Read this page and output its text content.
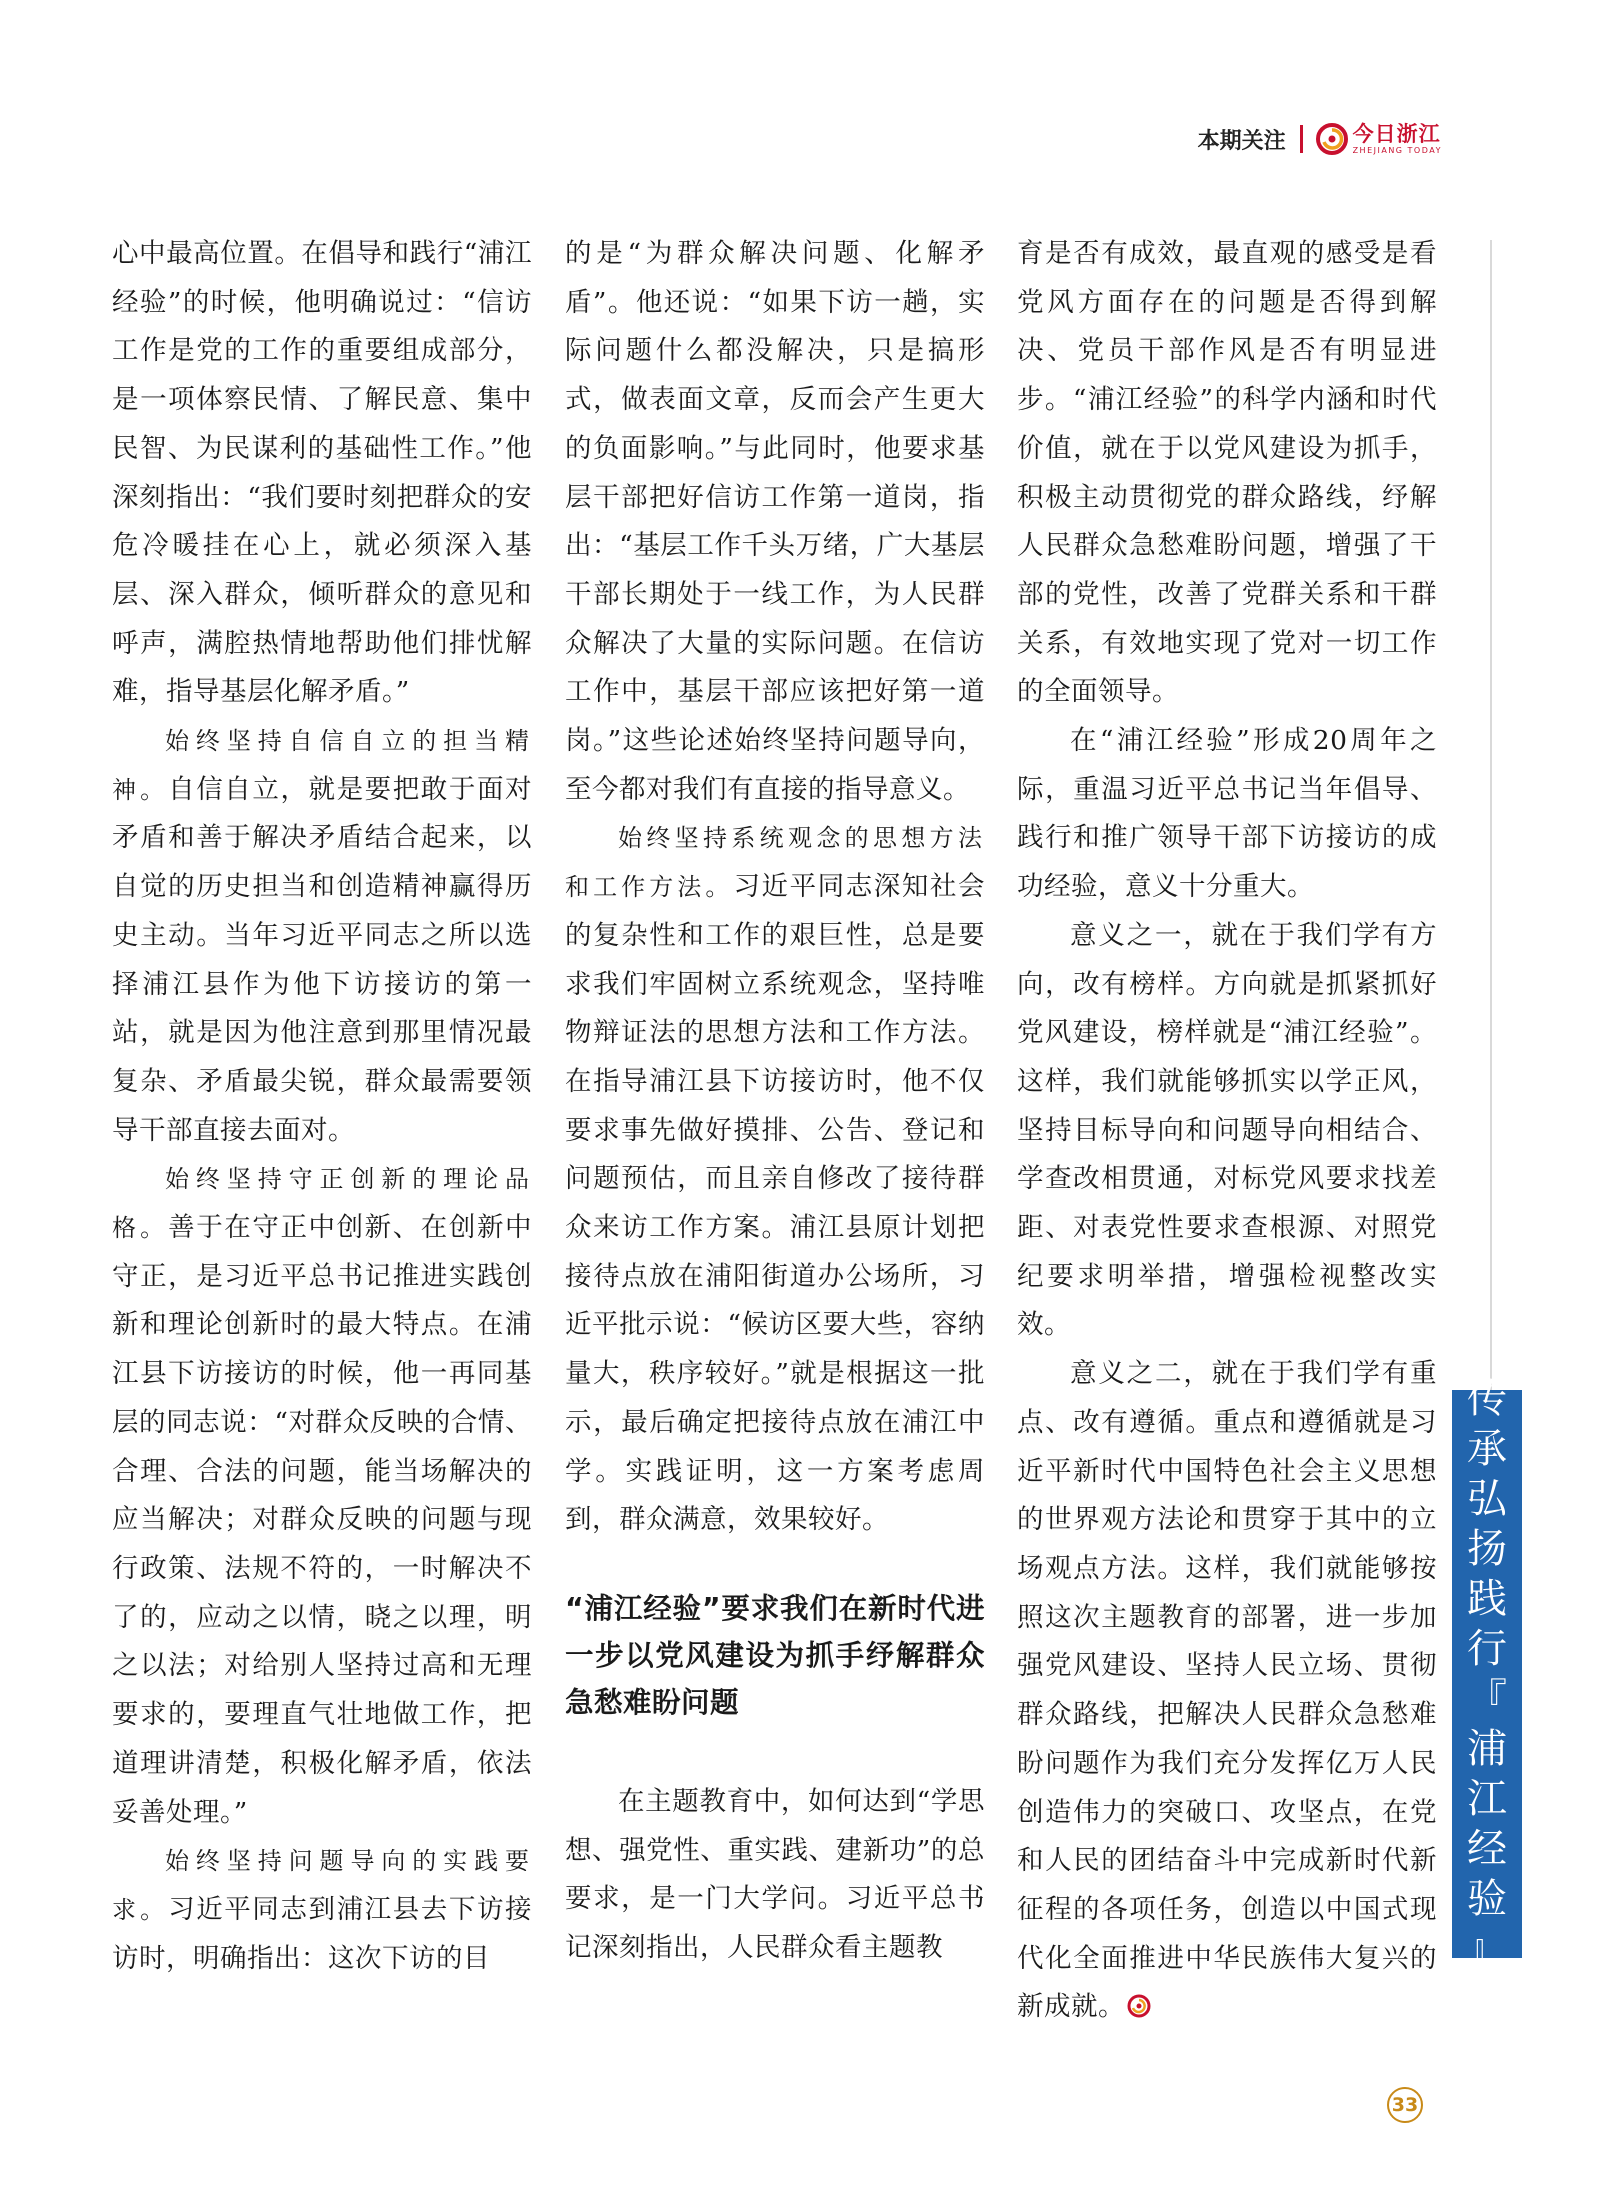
本期关注	今日浙江
ZHEJIANG TODAY

心中最高位置。在倡导和践行“浦江经验”的时候，他明确说过：“信访工作是党的工作的重要组成部分，是一项体察民情、了解民意、集中民智、为民谋利的基础性工作。”他深刻指出：“我们要时刻把群众的安危冷暖挂在心上，就必须深入基层、深入群众，倾听群众的意见和呼声，满腔热情地帮助他们排忧解难，指导基层化解矛盾。”

始终坚持自信自立的担当精神。自信自立，就是要把敢于面对矛盾和善于解决矛盾结合起来，以自觉的历史担当和创造精神赢得历史主动。当年习近平同志之所以选择浦江县作为他下访接访的第一站，就是因为他注意到那里情况最复杂、矛盾最尖锐，群众最需要领导干部直接去面对。

始终坚持守正创新的理论品格。善于在守正中创新、在创新中守正，是习近平总书记推进实践创新和理论创新时的最大特点。在浦江县下访接访的时候，他一再同基层的同志说：“对群众反映的合情、合理、合法的问题，能当场解决的应当解决；对群众反映的问题与现行政策、法规不符的，一时解决不了的，应动之以情，晓之以理，明之以法；对给别人坚持过高和无理要求的，要理直气壮地做工作，把道理讲清楚，积极化解矛盾，依法妥善处理。”

始终坚持问题导向的实践要求。习近平同志到浦江县去下访接访时，明确指出：这次下访的目

的是“为群众解决问题、化解矛盾”。他还说：“如果下访一趟，实际问题什么都没解决，只是搞形式，做表面文章，反而会产生更大的负面影响。”与此同时，他要求基层干部把好信访工作第一道岗，指出：“基层工作千头万绪，广大基层干部长期处于一线工作，为人民群众解决了大量的实际问题。在信访工作中，基层干部应该把好第一道岗。”这些论述始终坚持问题导向，至今都对我们有直接的指导意义。

始终坚持系统观念的思想方法和工作方法。习近平同志深知社会的复杂性和工作的艰巨性，总是要求我们牢固树立系统观念，坚持唯物辩证法的思想方法和工作方法。在指导浦江县下访接访时，他不仅要求事先做好摸排、公告、登记和问题预估，而且亲自修改了接待群众来访工作方案。浦江县原计划把接待点放在浦阳街道办公场所，习近平批示说：“候访区要大些，容纳量大，秩序较好。”就是根据这一批示，最后确定把接待点放在浦江中学。实践证明，这一方案考虑周到，群众满意，效果较好。

“浦江经验”要求我们在新时代进一步以党风建设为抓手纾解群众急愁难盼问题

在主题教育中，如何达到“学思想、强党性、重实践、建新功”的总要求，是一门大学问。习近平总书记深刻指出，人民群众看主题教

育是否有成效，最直观的感受是看党风方面存在的问题是否得到解决、党员干部作风是否有明显进步。“浦江经验”的科学内涵和时代价值，就在于以党风建设为抓手，积极主动贯彻党的群众路线，纾解人民群众急愁难盼问题，增强了干部的党性，改善了党群关系和干群关系，有效地实现了党对一切工作的全面领导。

在“浦江经验”形成20周年之际，重温习近平总书记当年倡导、践行和推广领导干部下访接访的成功经验，意义十分重大。

意义之一，就在于我们学有方向，改有榜样。方向就是抓紧抓好党风建设，榜样就是“浦江经验”。这样，我们就能够抓实以学正风，坚持目标导向和问题导向相结合、学查改相贯通，对标党风要求找差距、对表党性要求查根源、对照党纪要求明举措，增强检视整改实效。

意义之二，就在于我们学有重点、改有遵循。重点和遵循就是习近平新时代中国特色社会主义思想的世界观方法论和贯穿于其中的立场观点方法。这样，我们就能够按照这次主题教育的部署，进一步加强党风建设、坚持人民立场、贯彻群众路线，把解决人民群众急愁难盼问题作为我们充分发挥亿万人民创造伟力的突破口、攻坚点，在党和人民的团结奋斗中完成新时代新征程的各项任务，创造以中国式现代化全面推进中华民族伟大复兴的新成就。

传
承
弘
扬
践
行
『
浦
江
经
验
』
33
